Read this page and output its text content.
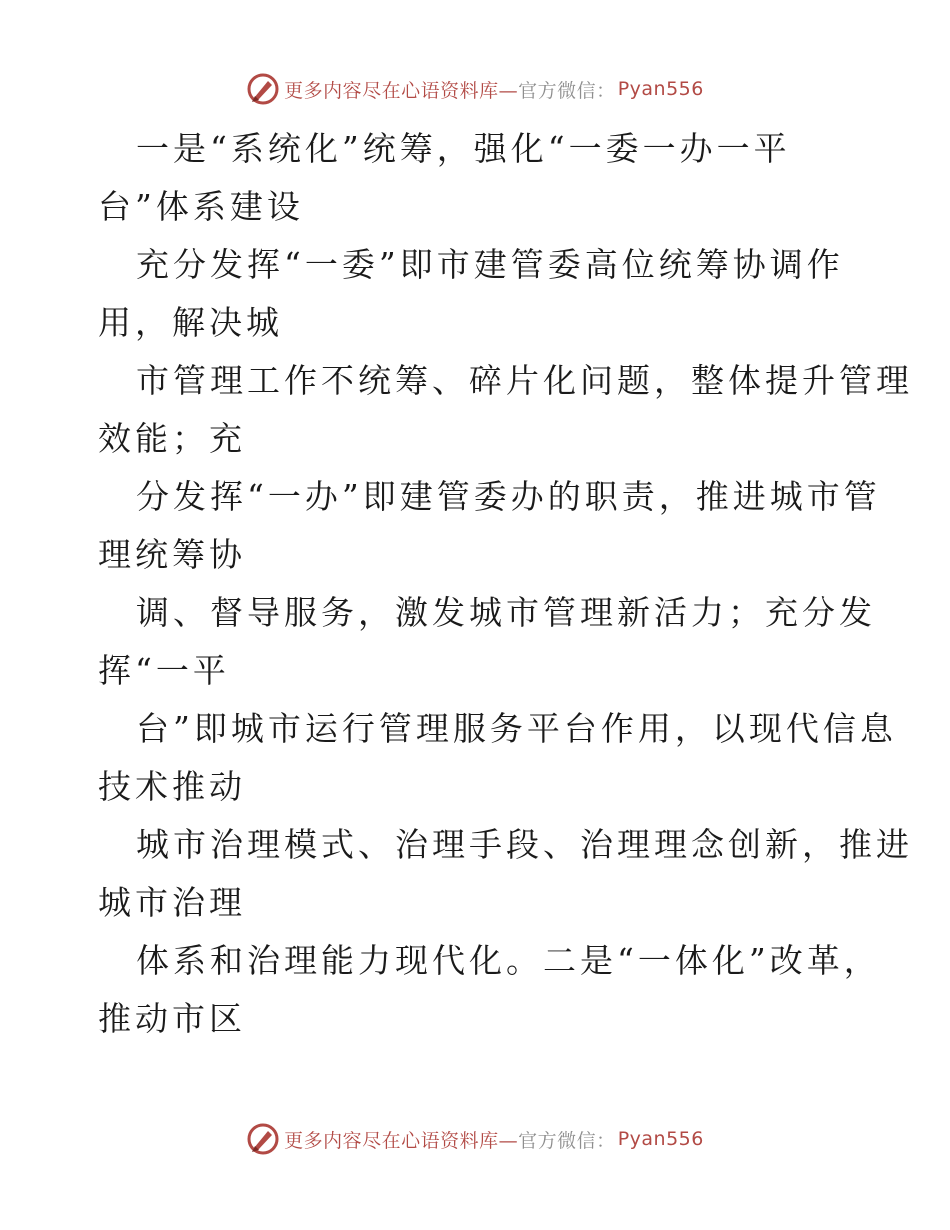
更多内容尽在心语资料库— 官方微信： Pyan556
一是“系统化”统筹，强化“一委一办一平
台”体系建设
充分发挥“一委”即市建管委高位统筹协调作
用，解决城
市管理工作不统筹、碎片化问题，整体提升管理
效能；充
分发挥“一办”即建管委办的职责，推进城市管
理统筹协
调、督导服务，激发城市管理新活力；充分发
挥“一平
台”即城市运行管理服务平台作用，以现代信息
技术推动
城市治理模式、治理手段、治理理念创新，推进
城市治理
体系和治理能力现代化。二是“一体化”改革，
推动市区
更多内容尽在心语资料库— 官方微信： Pyan556
